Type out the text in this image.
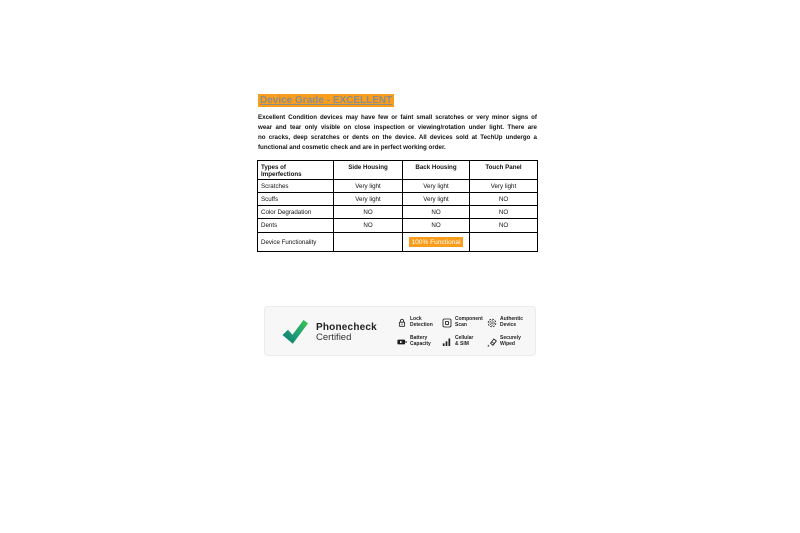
Device Grade - EXCELLENT
Excellent Condition devices may have few or faint small scratches or very minor signs of
wear and tear only visible on close inspection or viewing/rotation under light. There are
no cracks, deep scratches or dents on the device. All devices sold at TechUp undergo a
functional and cosmetic check and are in perfect working order.
Types of Imperfections	Side Housing	Back Housing	Touch Panel
Scratches	Very light	Very light	Very light
Scuffs	Very light	Very light	NO
Color Degradation	NO	NO	NO
Dents	NO	NO	NO
Device Functionality		100% Functional	
Phonecheck
Certified
Lock
Detection
Component
Scan
Authentic
Device
Battery
Capacity
Cellular
& SIM
Securely
Wiped
